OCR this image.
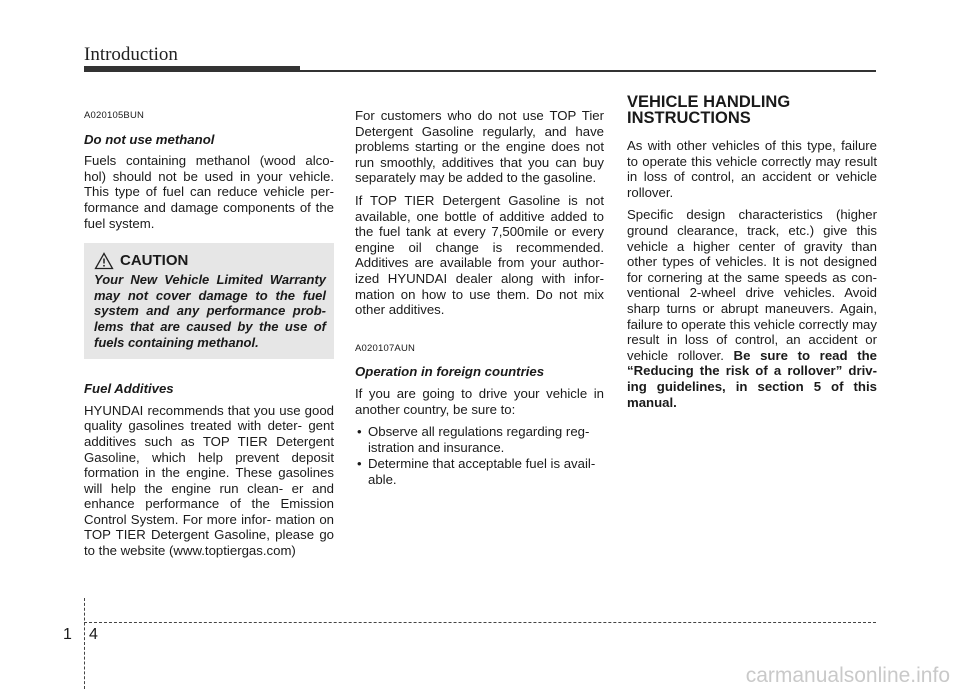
Introduction
A020105BUN
Do not use methanol

Fuels containing methanol (wood alco- hol) should not be used in your vehicle. This type of fuel can reduce vehicle per- formance and damage components of the fuel system.

CAUTION
Your New Vehicle Limited Warranty may not cover damage to the fuel system and any performance prob- lems that are caused by the use of fuels containing methanol.
Fuel Additives

HYUNDAI recommends that you use good quality gasolines treated with deter- gent additives such as TOP TIER Detergent Gasoline, which help prevent deposit formation in the engine. These gasolines will help the engine run clean- er and enhance performance of the Emission Control System. For more infor- mation on TOP TIER Detergent Gasoline, please go to the website (www.toptiergas.com)

For customers who do not use TOP Tier Detergent Gasoline regularly, and have problems starting or the engine does not run smoothly, additives that you can buy separately may be added to the gasoline.

If TOP TIER Detergent Gasoline is not available, one bottle of additive added to the fuel tank at every 7,500mile or every engine oil change is recommended. Additives are available from your author- ized HYUNDAI dealer along with infor- mation on how to use them. Do not mix other additives.

A020107AUN
Operation in foreign countries

If you are going to drive your vehicle in another country, be sure to:

• Observe all regulations regarding reg- istration and insurance.
• Determine that acceptable fuel is avail- able.
VEHICLE HANDLING
INSTRUCTIONS

As with other vehicles of this type, failure to operate this vehicle correctly may result in loss of control, an accident or vehicle rollover.

Specific design characteristics (higher ground clearance, track, etc.) give this vehicle a higher center of gravity than other types of vehicles. It is not designed for cornering at the same speeds as con- ventional 2-wheel drive vehicles. Avoid sharp turns or abrupt maneuvers. Again, failure to operate this vehicle correctly may result in loss of control, an accident or vehicle rollover. Be sure to read the “Reducing the risk of a rollover” driv- ing guidelines, in section 5 of this manual.

1 4
carmanualsonline.info
